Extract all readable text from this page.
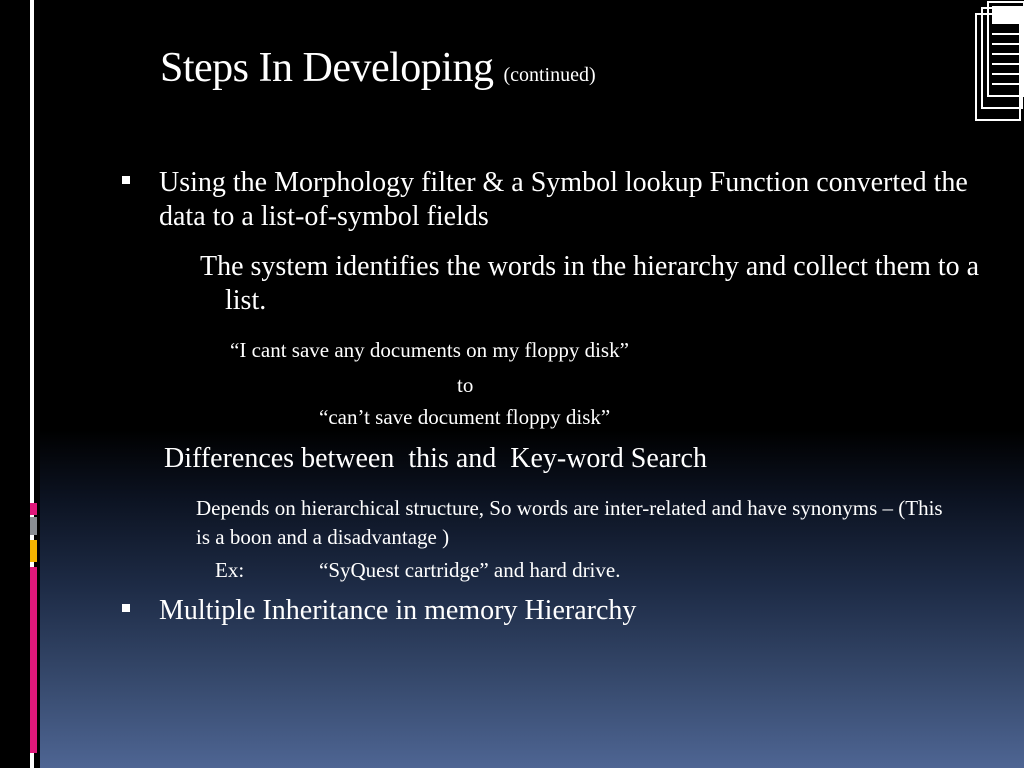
Steps In Developing (continued)
Using the Morphology filter & a Symbol lookup Function converted the data to a list-of-symbol fields
The system identifies the words in the hierarchy and collect them to a list.
“I cant save any documents on my floppy disk”
to
“can’t save document floppy disk”
Differences between  this and  Key-word Search
Depends on hierarchical structure, So words are inter-related and have synonyms – (This is a boon and a disadvantage )
Ex:	“SyQuest cartridge” and hard drive.
Multiple Inheritance in memory Hierarchy
